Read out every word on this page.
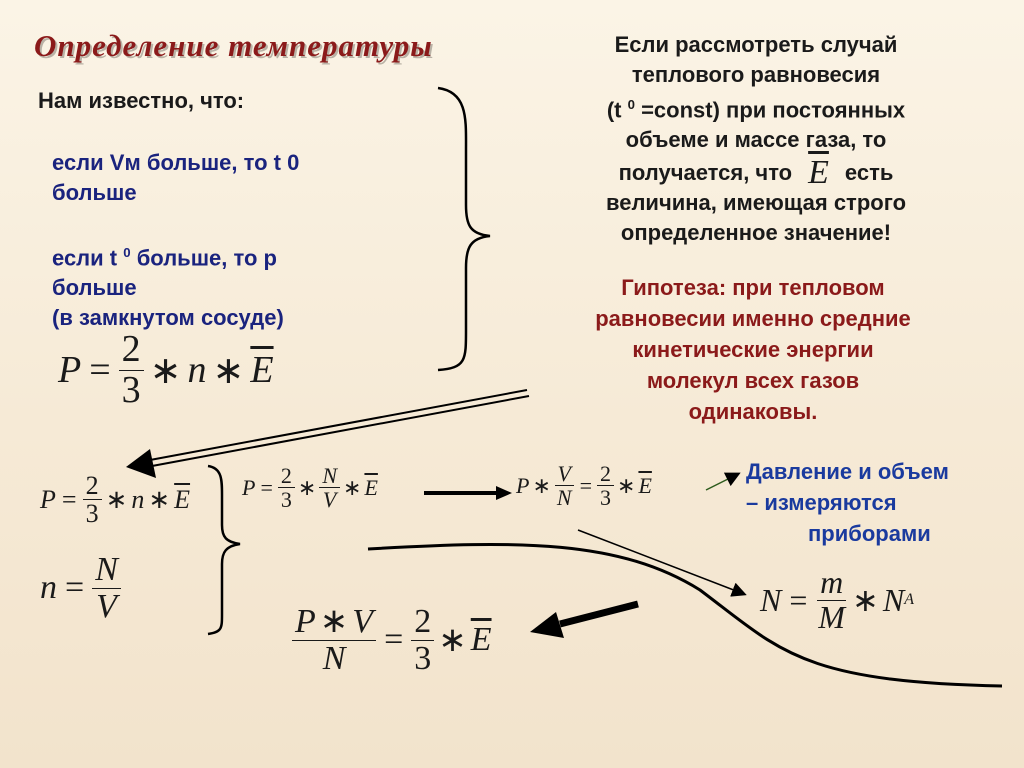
Определение температуры
Нам известно, что:
если Vм больше, то t 0
больше
если t $^0$ больше, то р
больше
(в замкнутом сосуде)
$P = \frac{2}{3}$ ∗ n ∗ $\overline{E}$
Если рассмотреть случай
теплового равновесия
(t $^0$ =const) при постоянных
объеме и массе газа, то
получается, что $\overline{E}$ есть
величина, имеющая строго
определенное значение!
Гипотеза: при тепловом
равновесии именно средние
кинетические энергии
молекул всех газов
одинаковы.
Давление и объем
– измеряются
приборами
$P = \frac{2}{3}$ ∗ n ∗ $\overline{E}$
$n = \frac{N}{V}$
$P = \frac{2}{3}$ ∗ $\frac{N}{V}$ ∗ $\overline{E}$	P ∗ $\frac{V}{N} = \frac{2}{3}$ ∗ $\overline{E}$
$N = \frac{m}{M}$ ∗ N A
$\frac{P ∗ V}{N} = \frac{2}{3}$ ∗ $\overline{E}$
